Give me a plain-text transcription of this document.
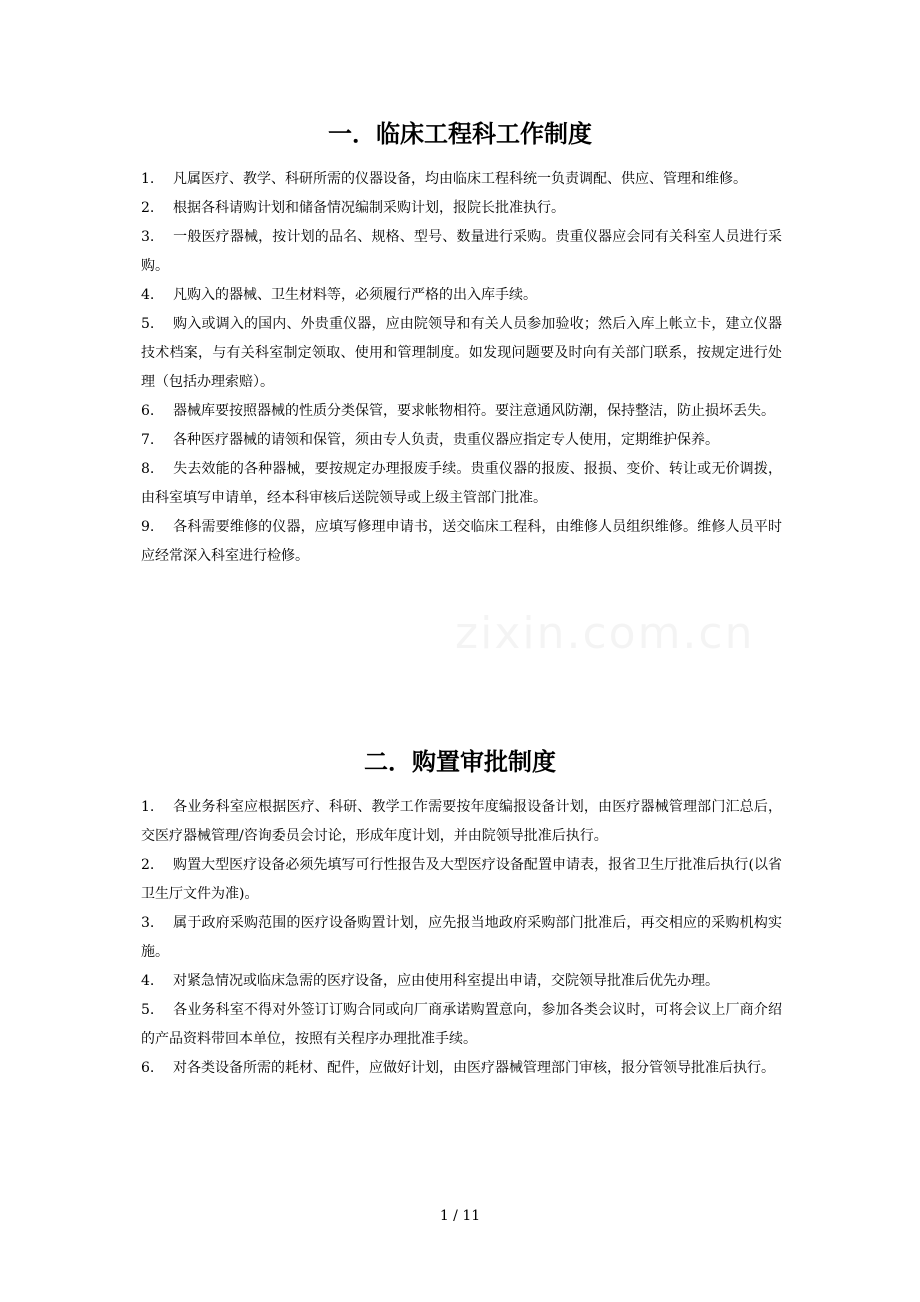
一．临床工程科工作制度
1. 凡属医疗、教学、科研所需的仪器设备，均由临床工程科统一负责调配、供应、管理和维修。
2. 根据各科请购计划和储备情况编制采购计划，报院长批准执行。
3. 一般医疗器械，按计划的品名、规格、型号、数量进行采购。贵重仪器应会同有关科室人员进行采购。
4. 凡购入的器械、卫生材料等，必须履行严格的出入库手续。
5. 购入或调入的国内、外贵重仪器，应由院领导和有关人员参加验收；然后入库上帐立卡，建立仪器技术档案，与有关科室制定领取、使用和管理制度。如发现问题要及时向有关部门联系，按规定进行处理（包括办理索赔）。
6. 器械库要按照器械的性质分类保管，要求帐物相符。要注意通风防潮，保持整洁，防止损坏丢失。
7. 各种医疗器械的请领和保管，须由专人负责，贵重仪器应指定专人使用，定期维护保养。
8. 失去效能的各种器械，要按规定办理报废手续。贵重仪器的报废、报损、变价、转让或无价调拨，由科室填写申请单，经本科审核后送院领导或上级主管部门批准。
9. 各科需要维修的仪器，应填写修理申请书，送交临床工程科，由维修人员组织维修。维修人员平时应经常深入科室进行检修。
二．购置审批制度
1. 各业务科室应根据医疗、科研、教学工作需要按年度编报设备计划，由医疗器械管理部门汇总后，交医疗器械管理/咨询委员会讨论，形成年度计划，并由院领导批准后执行。
2. 购置大型医疗设备必须先填写可行性报告及大型医疗设备配置申请表，报省卫生厅批准后执行(以省卫生厅文件为准)。
3. 属于政府采购范围的医疗设备购置计划，应先报当地政府采购部门批准后，再交相应的采购机构实施。
4. 对紧急情况或临床急需的医疗设备，应由使用科室提出申请，交院领导批准后优先办理。
5. 各业务科室不得对外签订订购合同或向厂商承诺购置意向，参加各类会议时，可将会议上厂商介绍的产品资料带回本单位，按照有关程序办理批准手续。
6. 对各类设备所需的耗材、配件，应做好计划，由医疗器械管理部门审核，报分管领导批准后执行。
1 / 11
